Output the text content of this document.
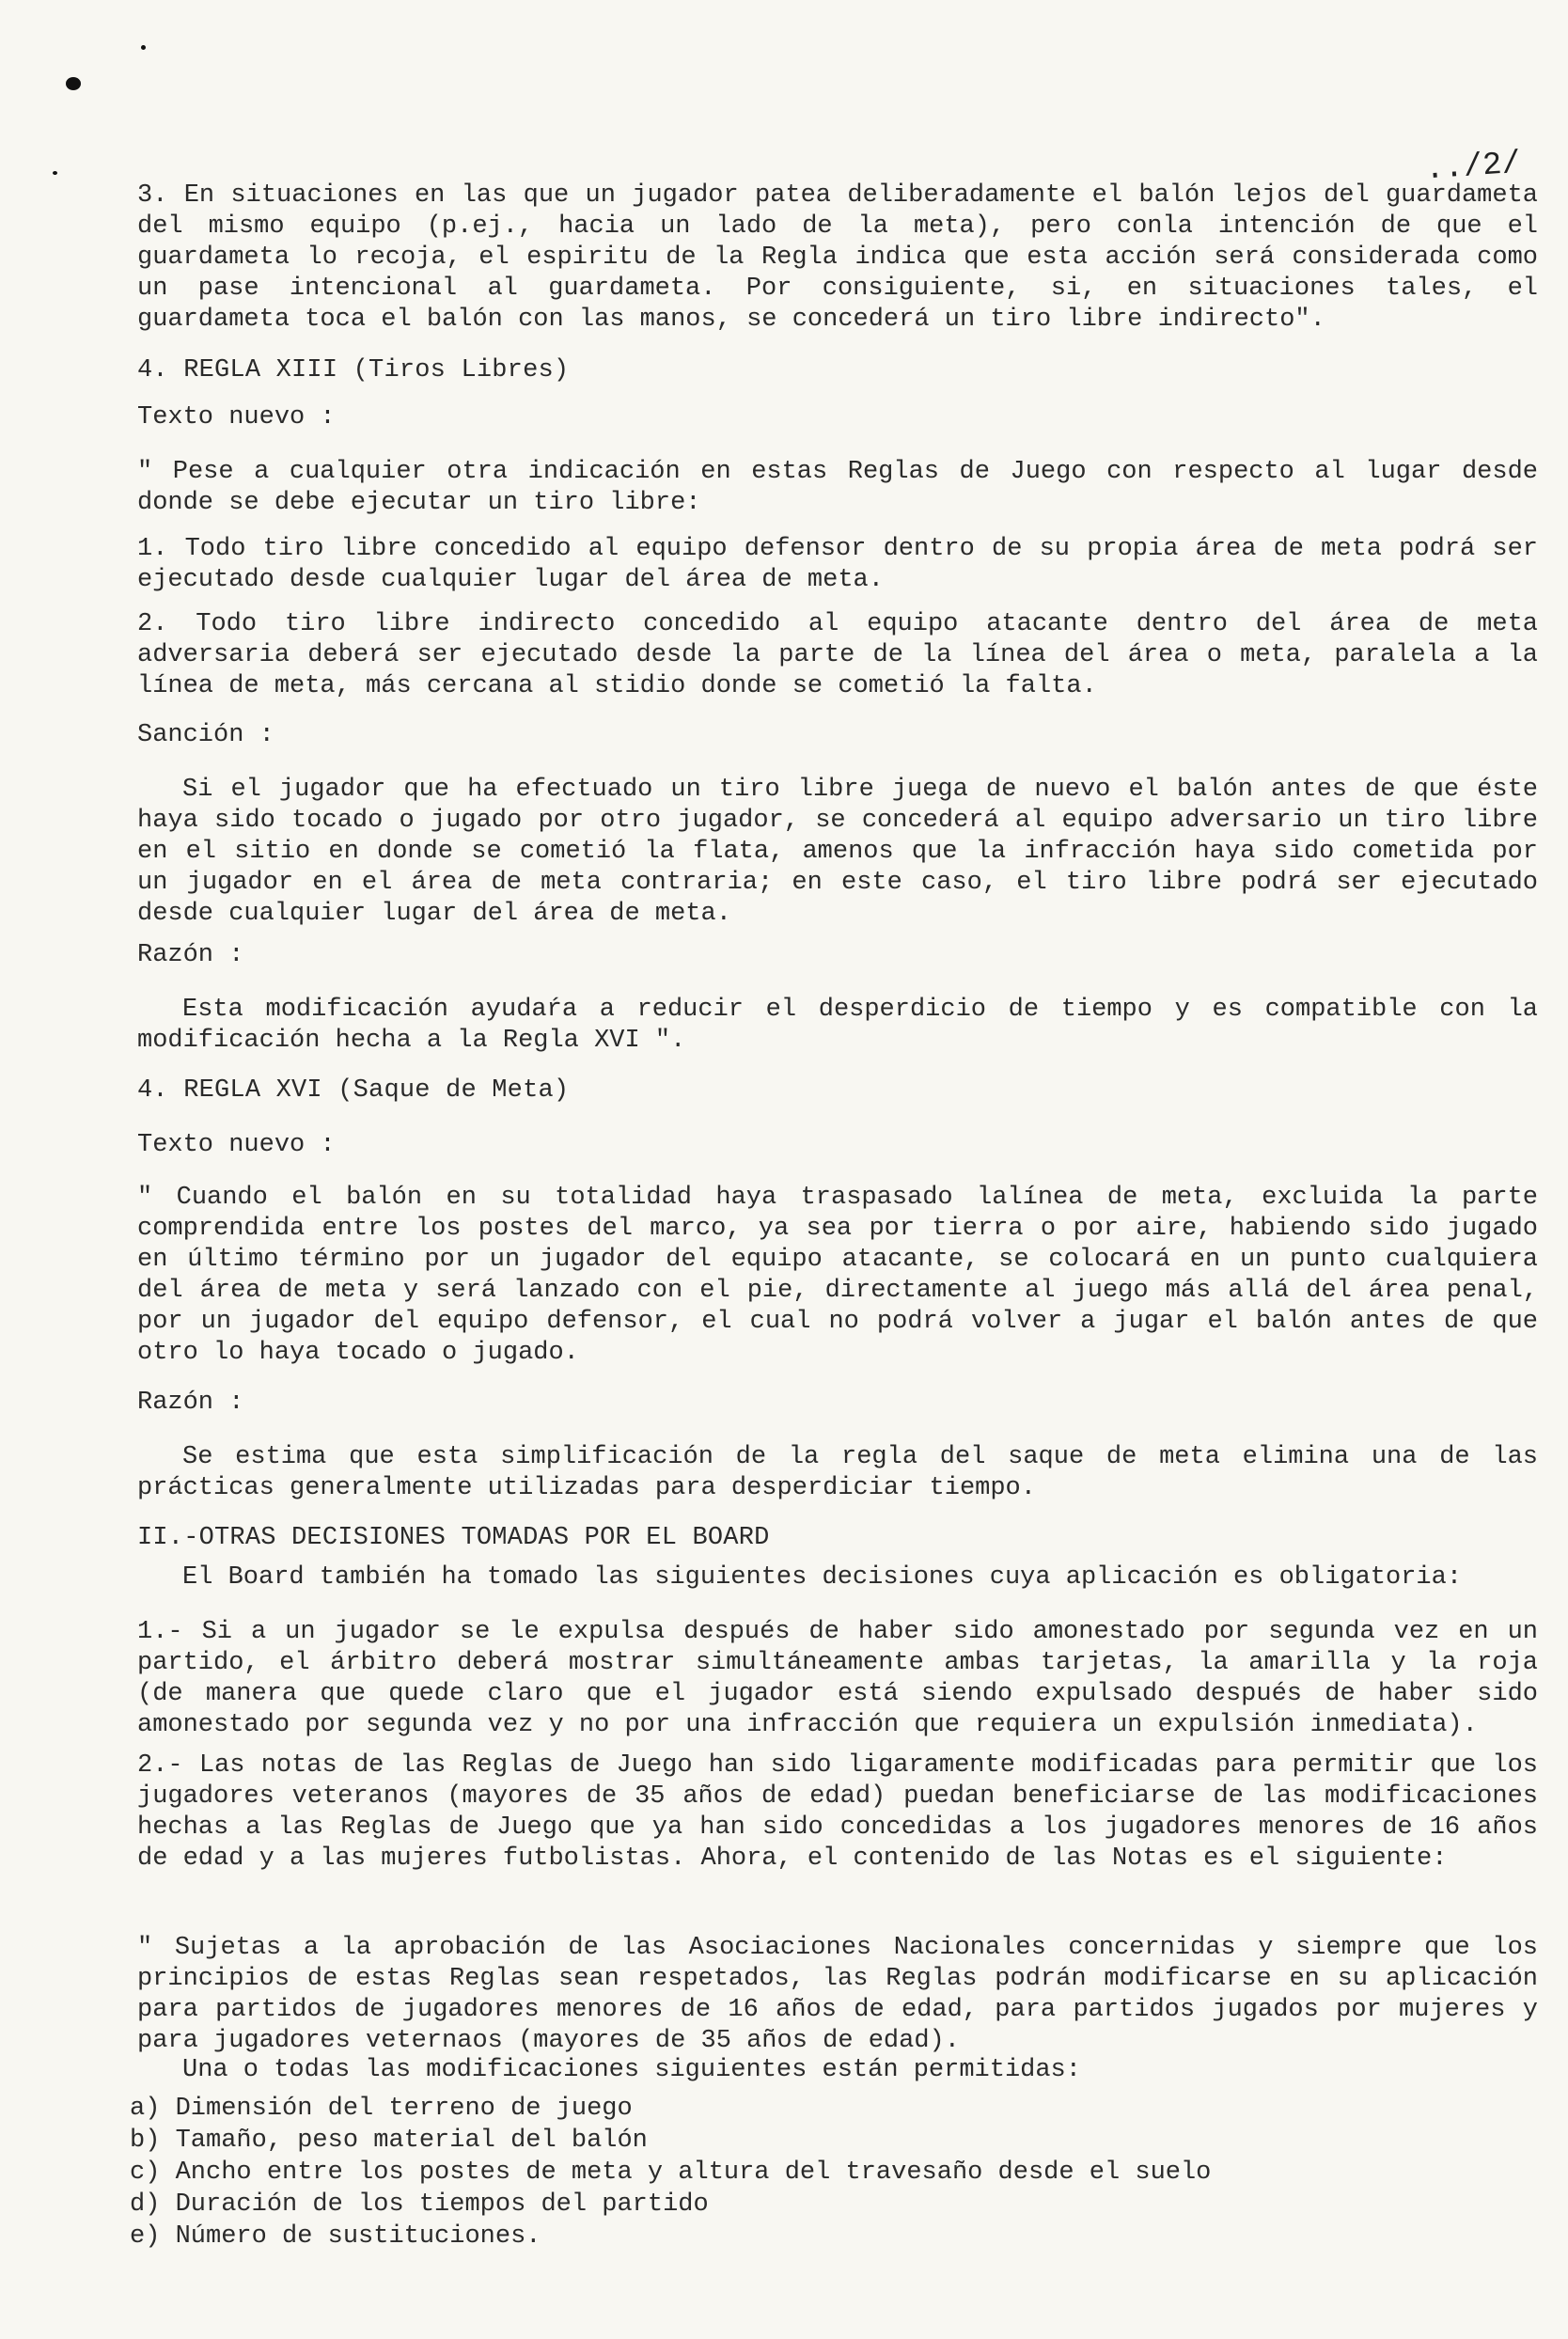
../2/

3. En situaciones en las que un jugador patea deliberadamente el balón lejos del guardameta del mismo equipo (p.ej., hacia un lado de la meta), pero conla intención de que el guardameta lo recoja, el espiritu de la Regla indica que esta acción será considerada como un pase intencional al guardameta. Por consiguiente, si, en situaciones tales, el guardameta toca el balón con las manos, se concederá un tiro libre indirecto".

4. REGLA XIII (Tiros Libres)

Texto nuevo :

" Pese a cualquier otra indicación en estas Reglas de Juego con respecto al lugar desde donde se debe ejecutar un tiro libre:

1. Todo tiro libre concedido al equipo defensor dentro de su propia área de meta podrá ser ejecutado desde cualquier lugar del área de meta.

2. Todo tiro libre indirecto concedido al equipo atacante dentro del área de meta adversaria deberá ser ejecutado desde la parte de la línea del área o meta, paralela a la línea de meta, más cercana al stidio donde se cometió la falta.

Sanción :

Si el jugador que ha efectuado un tiro libre juega de nuevo el balón antes de que éste haya sido tocado o jugado por otro jugador, se concederá al equipo adversario un tiro libre en el sitio en donde se cometió la flata, amenos que la infracción haya sido cometida por un jugador en el área de meta contraria; en este caso, el tiro libre podrá ser ejecutado desde cualquier lugar del área de meta.

Razón :

Esta modificación ayudaŕa a reducir el desperdicio de tiempo y es compatible con la modificación hecha a la Regla XVI ".

4. REGLA XVI (Saque de Meta)

Texto nuevo :

" Cuando el balón en su totalidad haya traspasado lalínea de meta, excluida la parte comprendida entre los postes del marco, ya sea por tierra o por aire, habiendo sido jugado en último término por un jugador del equipo atacante, se colocará en un punto cualquiera del área de meta y será lanzado con el pie, directamente al juego más allá del área penal, por un jugador del equipo defensor, el cual no podrá volver a jugar el balón antes de que otro lo haya tocado o jugado.

Razón :

Se estima que esta simplificación de la regla del saque de meta elimina una de las prácticas generalmente utilizadas para desperdiciar tiempo.

II.-OTRAS DECISIONES TOMADAS POR EL BOARD

El Board también ha tomado las siguientes decisiones cuya aplicación es obligatoria:

1.- Si a un jugador se le expulsa después de haber sido amonestado por segunda vez en un partido, el árbitro deberá mostrar simultáneamente ambas tarjetas, la amarilla y la roja (de manera que quede claro que el jugador está siendo expulsado después de haber sido amonestado por segunda vez y no por una infracción que requiera un expulsión inmediata).

2.- Las notas de las Reglas de Juego han sido ligaramente modificadas para permitir que los jugadores veteranos (mayores de 35 años de edad) puedan beneficiarse de las modificaciones hechas a las Reglas de Juego que ya han sido concedidas a los jugadores menores de 16 años de edad y a las mujeres futbolistas. Ahora, el contenido de las Notas es el siguiente:

" Sujetas a la aprobación de las Asociaciones Nacionales concernidas y siempre que los principios de estas Reglas sean respetados, las Reglas podrán modificarse en su aplicación para partidos de jugadores menores de 16 años de edad, para partidos jugados por mujeres y para jugadores veternaos (mayores de 35 años de edad).

Una o todas las modificaciones siguientes están permitidas:

a) Dimensión del terreno de juego
b) Tamaño, peso material del balón
c) Ancho entre los postes de meta y altura del travesaño desde el suelo
d) Duración de los tiempos del partido
e) Número de sustituciones.
